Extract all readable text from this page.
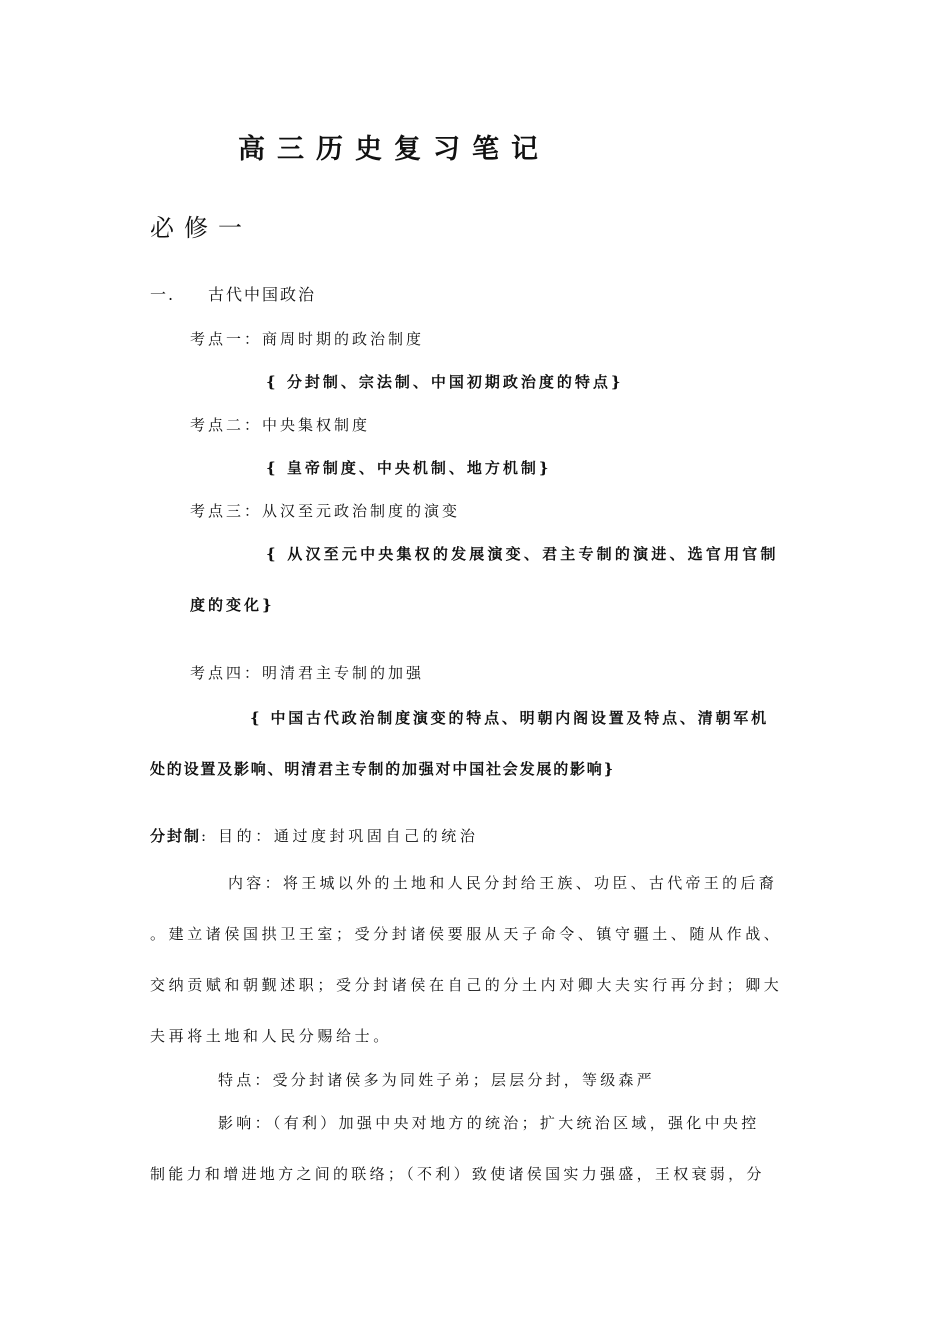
高三历史复习笔记
必修一
一. 古代中国政治
考点一：商周时期的政治制度
{ 分封制、宗法制、中国初期政治度的特点}
考点二：中央集权制度
{ 皇帝制度、中央机制、地方机制}
考点三：从汉至元政治制度的演变
{ 从汉至元中央集权的发展演变、君主专制的演进、选官用官制
度的变化}
考点四：明清君主专制的加强
{ 中国古代政治制度演变的特点、明朝内阁设置及特点、清朝军机
处的设置及影响、明清君主专制的加强对中国社会发展的影响}
分封制: 目的：通过度封巩固自己的统治
内容：将王城以外的土地和人民分封给王族、功臣、古代帝王的后裔
。建立诸侯国拱卫王室；受分封诸侯要服从天子命令、镇守疆土、随从作战、
交纳贡赋和朝觐述职；受分封诸侯在自己的分土内对卿大夫实行再分封；卿大
夫再将土地和人民分赐给士。
特点：受分封诸侯多为同姓子弟；层层分封，等级森严
影响：（有利）加强中央对地方的统治；扩大统治区域，强化中央控
制能力和增进地方之间的联络；（不利）致使诸侯国实力强盛，王权衰弱，分
